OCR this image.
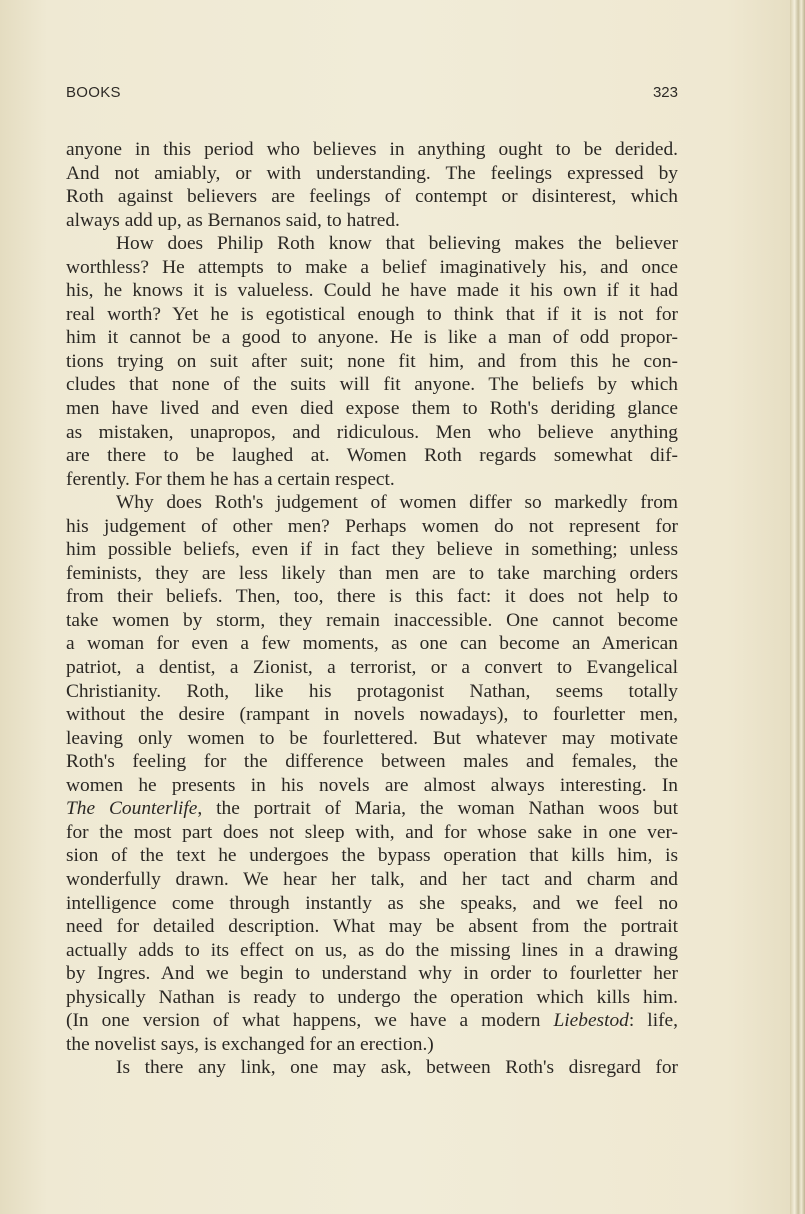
BOOKS	323
anyone in this period who believes in anything ought to be derided.
And not amiably, or with understanding. The feelings expressed by
Roth against believers are feelings of contempt or disinterest, which
always add up, as Bernanos said, to hatred.
How does Philip Roth know that believing makes the believer
worthless? He attempts to make a belief imaginatively his, and once
his, he knows it is valueless. Could he have made it his own if it had
real worth? Yet he is egotistical enough to think that if it is not for
him it cannot be a good to anyone. He is like a man of odd propor-
tions trying on suit after suit; none fit him, and from this he con-
cludes that none of the suits will fit anyone. The beliefs by which
men have lived and even died expose them to Roth's deriding glance
as mistaken, unapropos, and ridiculous. Men who believe anything
are there to be laughed at. Women Roth regards somewhat dif-
ferently. For them he has a certain respect.
Why does Roth's judgement of women differ so markedly from
his judgement of other men? Perhaps women do not represent for
him possible beliefs, even if in fact they believe in something; unless
feminists, they are less likely than men are to take marching orders
from their beliefs. Then, too, there is this fact: it does not help to
take women by storm, they remain inaccessible. One cannot become
a woman for even a few moments, as one can become an American
patriot, a dentist, a Zionist, a terrorist, or a convert to Evangelical
Christianity. Roth, like his protagonist Nathan, seems totally
without the desire (rampant in novels nowadays), to fourletter men,
leaving only women to be fourlettered. But whatever may motivate
Roth's feeling for the difference between males and females, the
women he presents in his novels are almost always interesting. In
The Counterlife, the portrait of Maria, the woman Nathan woos but
for the most part does not sleep with, and for whose sake in one ver-
sion of the text he undergoes the bypass operation that kills him, is
wonderfully drawn. We hear her talk, and her tact and charm and
intelligence come through instantly as she speaks, and we feel no
need for detailed description. What may be absent from the portrait
actually adds to its effect on us, as do the missing lines in a drawing
by Ingres. And we begin to understand why in order to fourletter her
physically Nathan is ready to undergo the operation which kills him.
(In one version of what happens, we have a modern Liebestod: life,
the novelist says, is exchanged for an erection.)
Is there any link, one may ask, between Roth's disregard for
